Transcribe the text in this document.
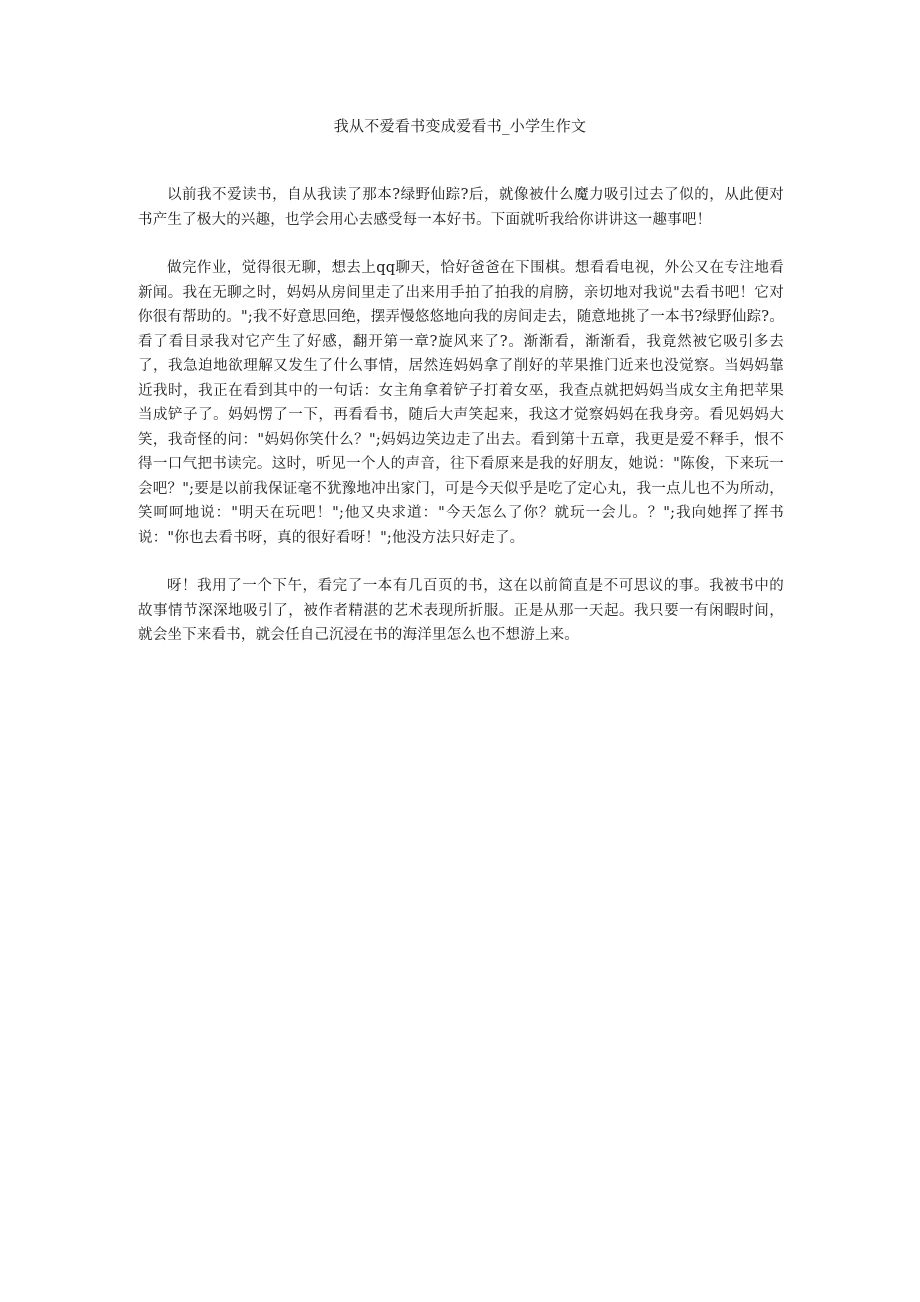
我从不爱看书变成爱看书_小学生作文

以前我不爱读书，自从我读了那本?绿野仙踪?后，就像被什么魔力吸引过去了似的，从此便对书产生了极大的兴趣，也学会用心去感受每一本好书。下面就听我给你讲讲这一趣事吧！

做完作业，觉得很无聊，想去上qq聊天，恰好爸爸在下围棋。想看看电视，外公又在专注地看新闻。我在无聊之时，妈妈从房间里走了出来用手拍了拍我的肩膀，亲切地对我说"去看书吧！它对你很有帮助的。";我不好意思回绝，摆弄慢悠悠地向我的房间走去，随意地挑了一本书?绿野仙踪?。看了看目录我对它产生了好感，翻开第一章?旋风来了?。渐渐看，渐渐看，我竟然被它吸引多去了，我急迫地欲理解又发生了什么事情，居然连妈妈拿了削好的苹果推门近来也没觉察。当妈妈靠近我时，我正在看到其中的一句话：女主角拿着铲子打着女巫，我查点就把妈妈当成女主角把苹果当成铲子了。妈妈愣了一下，再看看书，随后大声笑起来，我这才觉察妈妈在我身旁。看见妈妈大笑，我奇怪的问："妈妈你笑什么？";妈妈边笑边走了出去。看到第十五章，我更是爱不释手，恨不得一口气把书读完。这时，听见一个人的声音，往下看原来是我的好朋友，她说："陈俊，下来玩一会吧？";要是以前我保证毫不犹豫地冲出家门，可是今天似乎是吃了定心丸，我一点儿也不为所动，笑呵呵地说："明天在玩吧！";他又央求道："今天怎么了你？就玩一会儿。？";我向她挥了挥书说："你也去看书呀，真的很好看呀！";他没方法只好走了。

呀！我用了一个下午，看完了一本有几百页的书，这在以前简直是不可思议的事。我被书中的故事情节深深地吸引了，被作者精湛的艺术表现所折服。正是从那一天起。我只要一有闲暇时间，就会坐下来看书，就会任自己沉浸在书的海洋里怎么也不想游上来。
